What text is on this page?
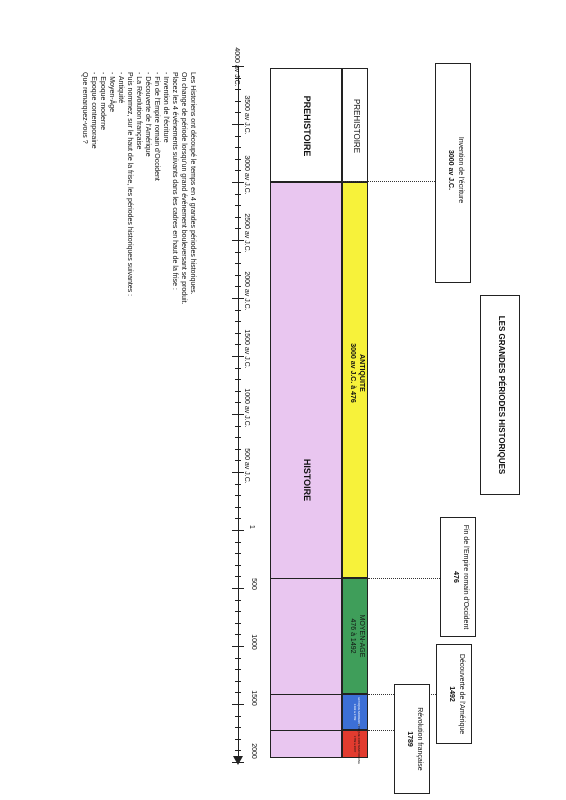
Les Historiens ont découpé le temps en 4 grandes périodes historiques.
On change de période lorsqu'un grand événement bouleversant se produit.
Placez les 4 événements suivants dans les cadres en haut de la frise :
- Invention de l'écriture
- Fin de l'Empire romain d'Occident
- Découverte de l'Amérique
- La Révolution française
Puis nommez, sur le haut de la frise, les périodes historiques suivantes :
- Antiquité
- Moyen-Âge
- Epoque moderne
- Epoque contemporaine
Que remarquez-vous ?
4000 av J.C.
3500 av J.C.
3000 av J.C.
2500 av J.C.
2000 av J.C.
1500 av J.C.
1000 av J.C.
500 av J.C.
1
500
1000
1500
2000
PREHISTOIRE
HISTOIRE
PREHISTOIRE
ANTIQUITE
3000 av J.C. à 476
MOYEN-AGE
476 à 1492
EPOQUE MODERNE 1492 à 1789
EPOQUE CONTEMPORAINE 1789 à 2007
Invention de l'écriture
3000 av J.C.
Fin de l'Empire romain d'Occident
476
Découverte de l'Amérique
1492
Révolution française
1789
LES GRANDES PÉRIODES HISTORIQUES
